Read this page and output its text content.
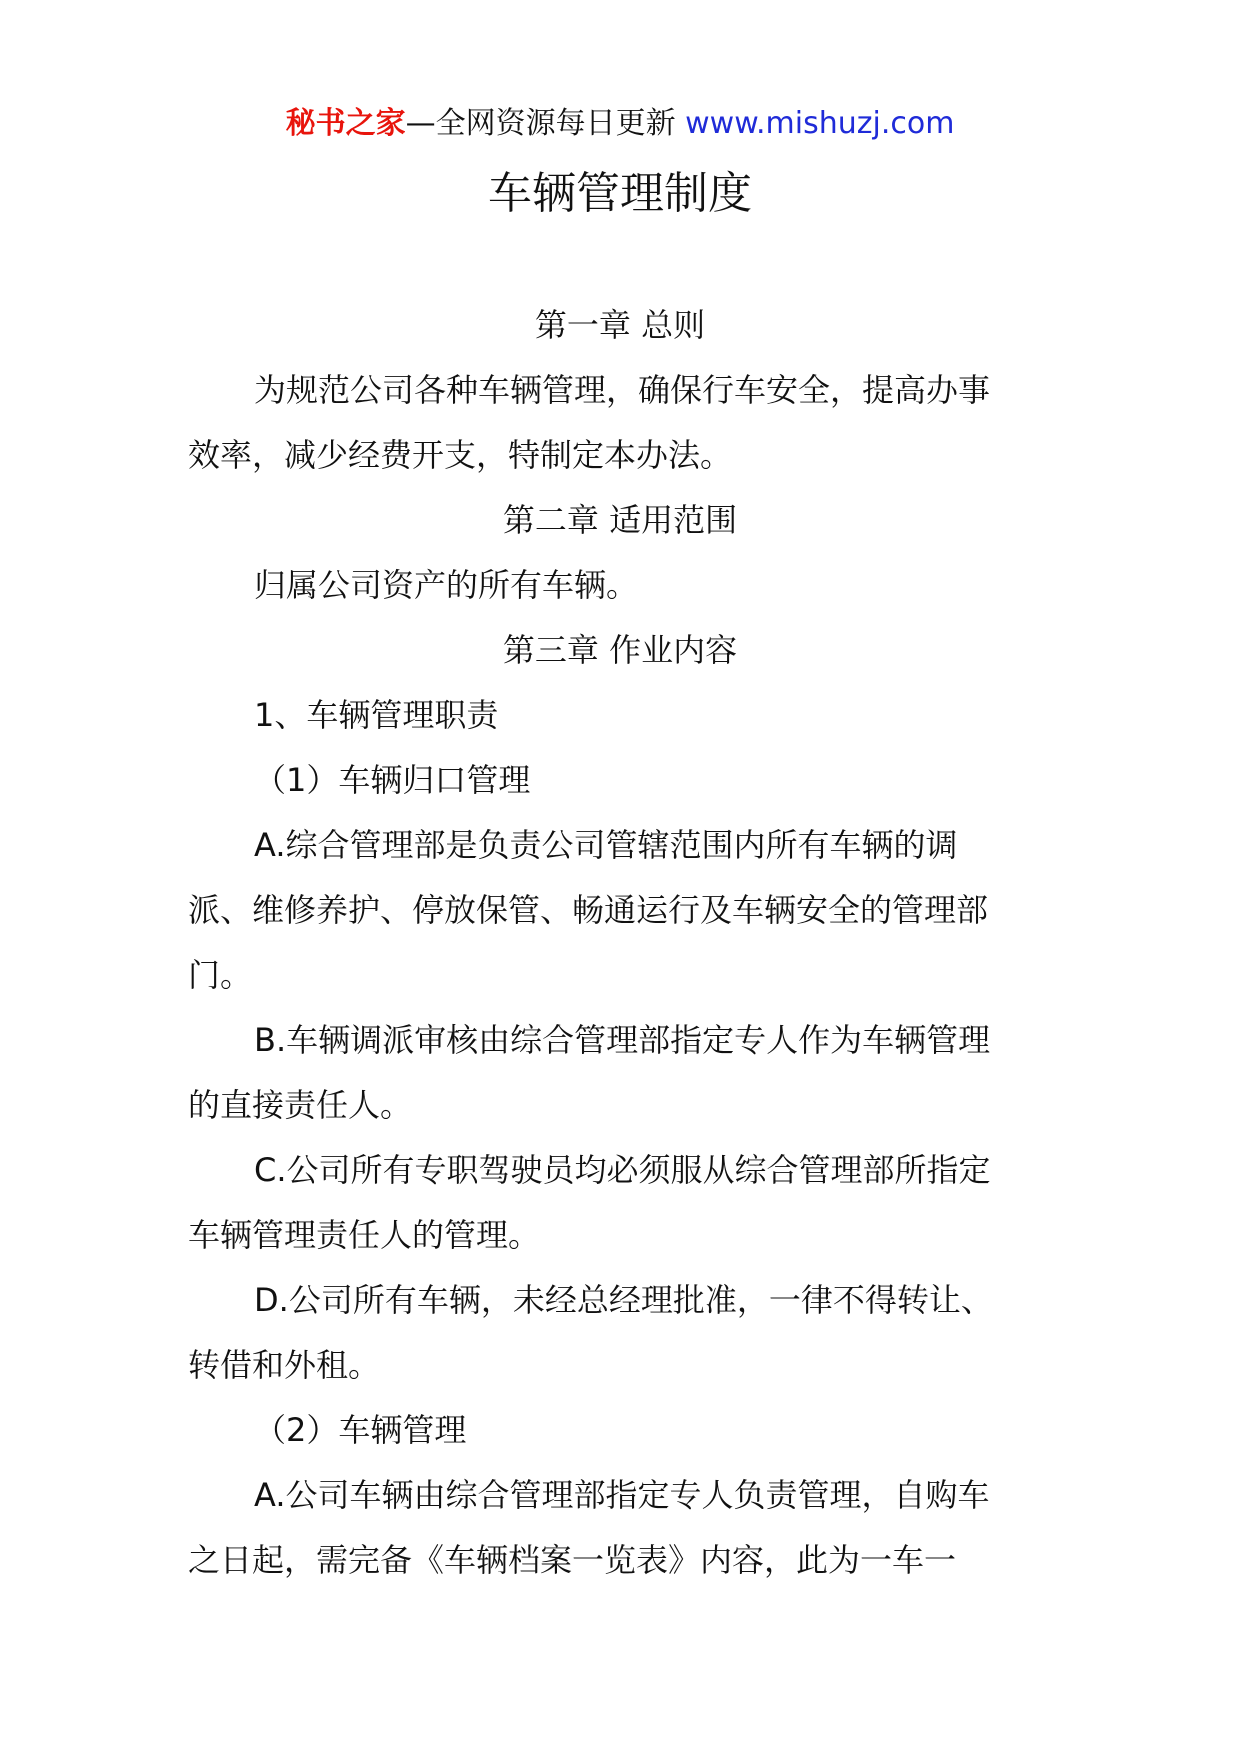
秘书之家—全网资源每日更新 www.mishuzj.com
车辆管理制度
第一章 总则
为规范公司各种车辆管理，确保行车安全，提高办事
效率，减少经费开支，特制定本办法。
第二章 适用范围
归属公司资产的所有车辆。
第三章 作业内容
1、车辆管理职责
（1）车辆归口管理
A.综合管理部是负责公司管辖范围内所有车辆的调
派、维修养护、停放保管、畅通运行及车辆安全的管理部
门。
B.车辆调派审核由综合管理部指定专人作为车辆管理
的直接责任人。
C.公司所有专职驾驶员均必须服从综合管理部所指定
车辆管理责任人的管理。
D.公司所有车辆，未经总经理批准，一律不得转让、
转借和外租。
（2）车辆管理
A.公司车辆由综合管理部指定专人负责管理，自购车
之日起，需完备《车辆档案一览表》内容，此为一车一
